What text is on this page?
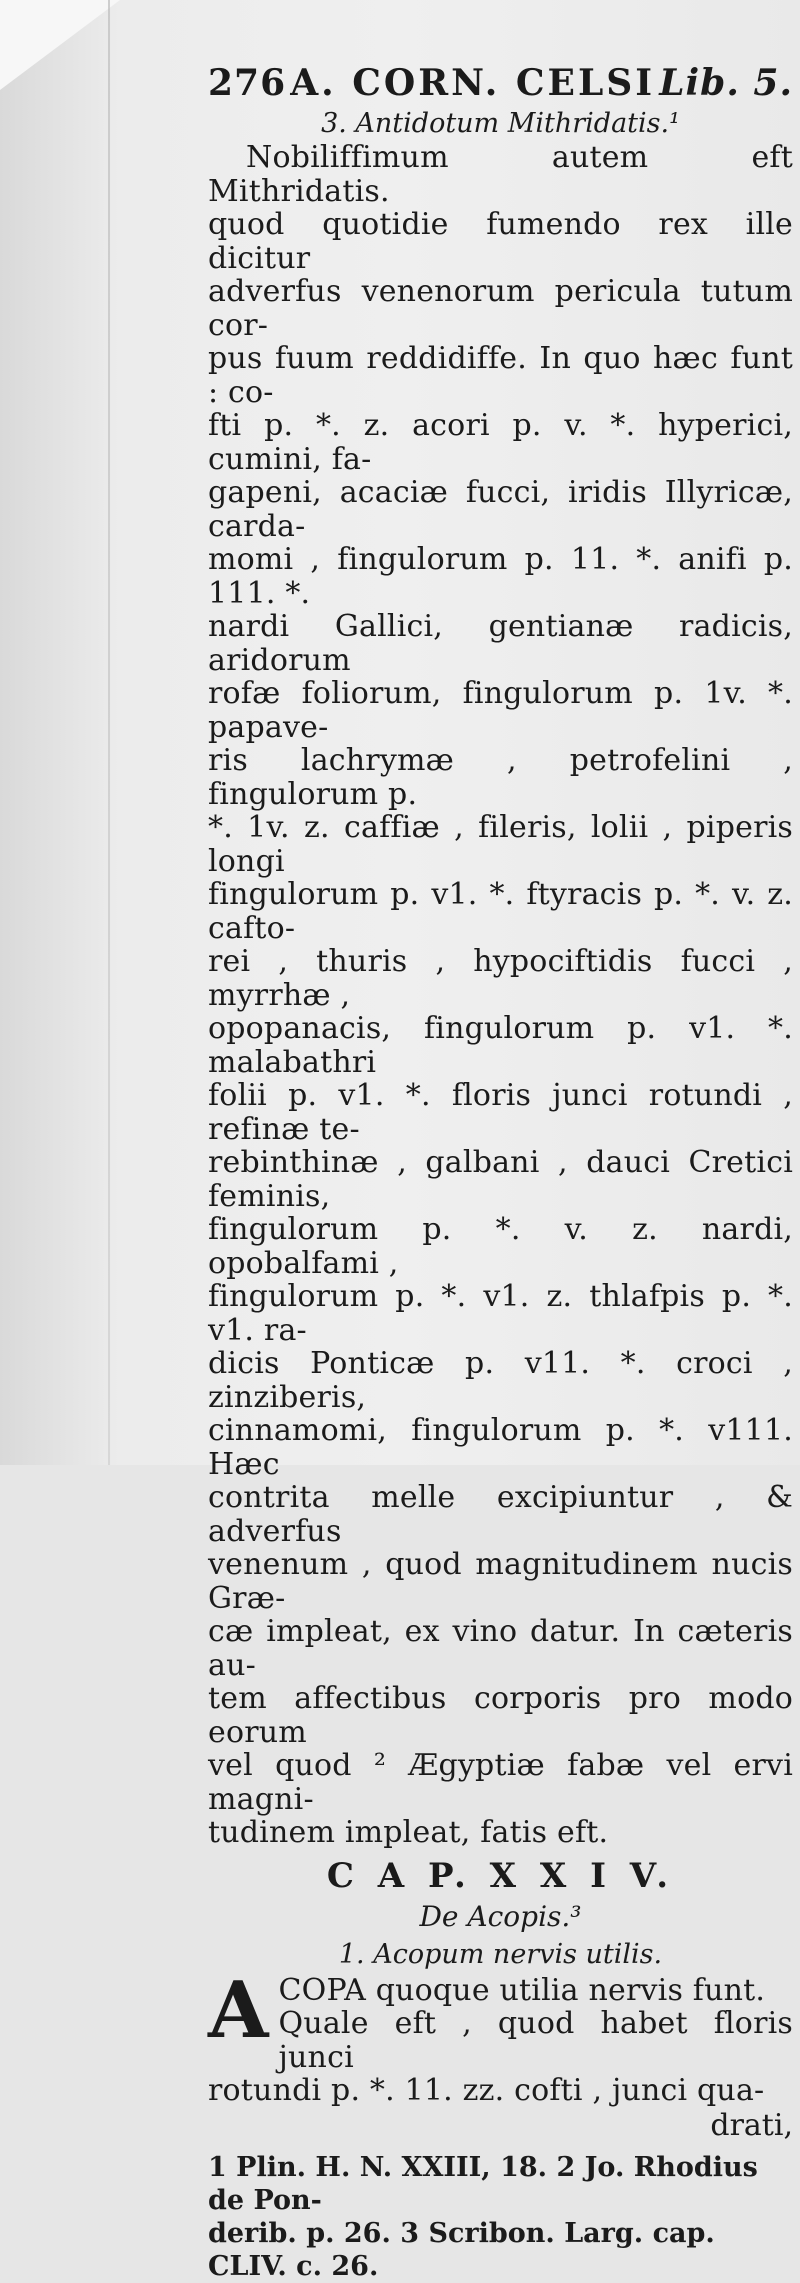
276 A. CORN. CELSI Lib. 5.
3. Antidotum Mithridatis.¹
Nobiliffimum autem eft Mithridatis.
quod quotidie fumendo rex ille dicitur
adverfus venenorum pericula tutum cor-
pus fuum reddidiffe. In quo hæc funt : co-
fti p. *. z. acori p. v. *. hyperici, cumini, fa-
gapeni, acaciæ fucci, iridis Illyricæ, carda-
momi , fingulorum p. 11. *. anifi p. 111. *.
nardi Gallici, gentianæ radicis, aridorum
rofæ foliorum, fingulorum p. 1v. *. papave-
ris lachrymæ , petrofelini , fingulorum p.
*. 1v. z. caffiæ , fileris, lolii , piperis longi
fingulorum p. v1. *. ftyracis p. *. v. z. cafto-
rei , thuris , hypociftidis fucci , myrrhæ ,
opopanacis, fingulorum p. v1. *. malabathri
folii p. v1. *. floris junci rotundi , refinæ te-
rebinthinæ , galbani , dauci Cretici feminis,
fingulorum p. *. v. z. nardi, opobalfami ,
fingulorum p. *. v1. z. thlafpis p. *. v1. ra-
dicis Ponticæ p. v11. *. croci , zinziberis,
cinnamomi, fingulorum p. *. v111. Hæc
contrita melle excipiuntur , & adverfus
venenum , quod magnitudinem nucis Græ-
cæ impleat, ex vino datur. In cæteris au-
tem affectibus corporis pro modo eorum
vel quod ² Ægyptiæ fabæ vel ervi magni-
tudinem impleat, fatis eft.
C A P. X X I V.
De Acopis.³
1. Acopum nervis utilis.
A COPA quoque utilia nervis funt.
Quale eft , quod habet floris junci
rotundi p. *. 11. zz. cofti , junci qua-
drati,
1 Plin. H. N. XXIII, 18. 2 Jo. Rhodius de Pon-
derib. p. 26. 3 Scribon. Larg. cap. CLIV. c. 26.
